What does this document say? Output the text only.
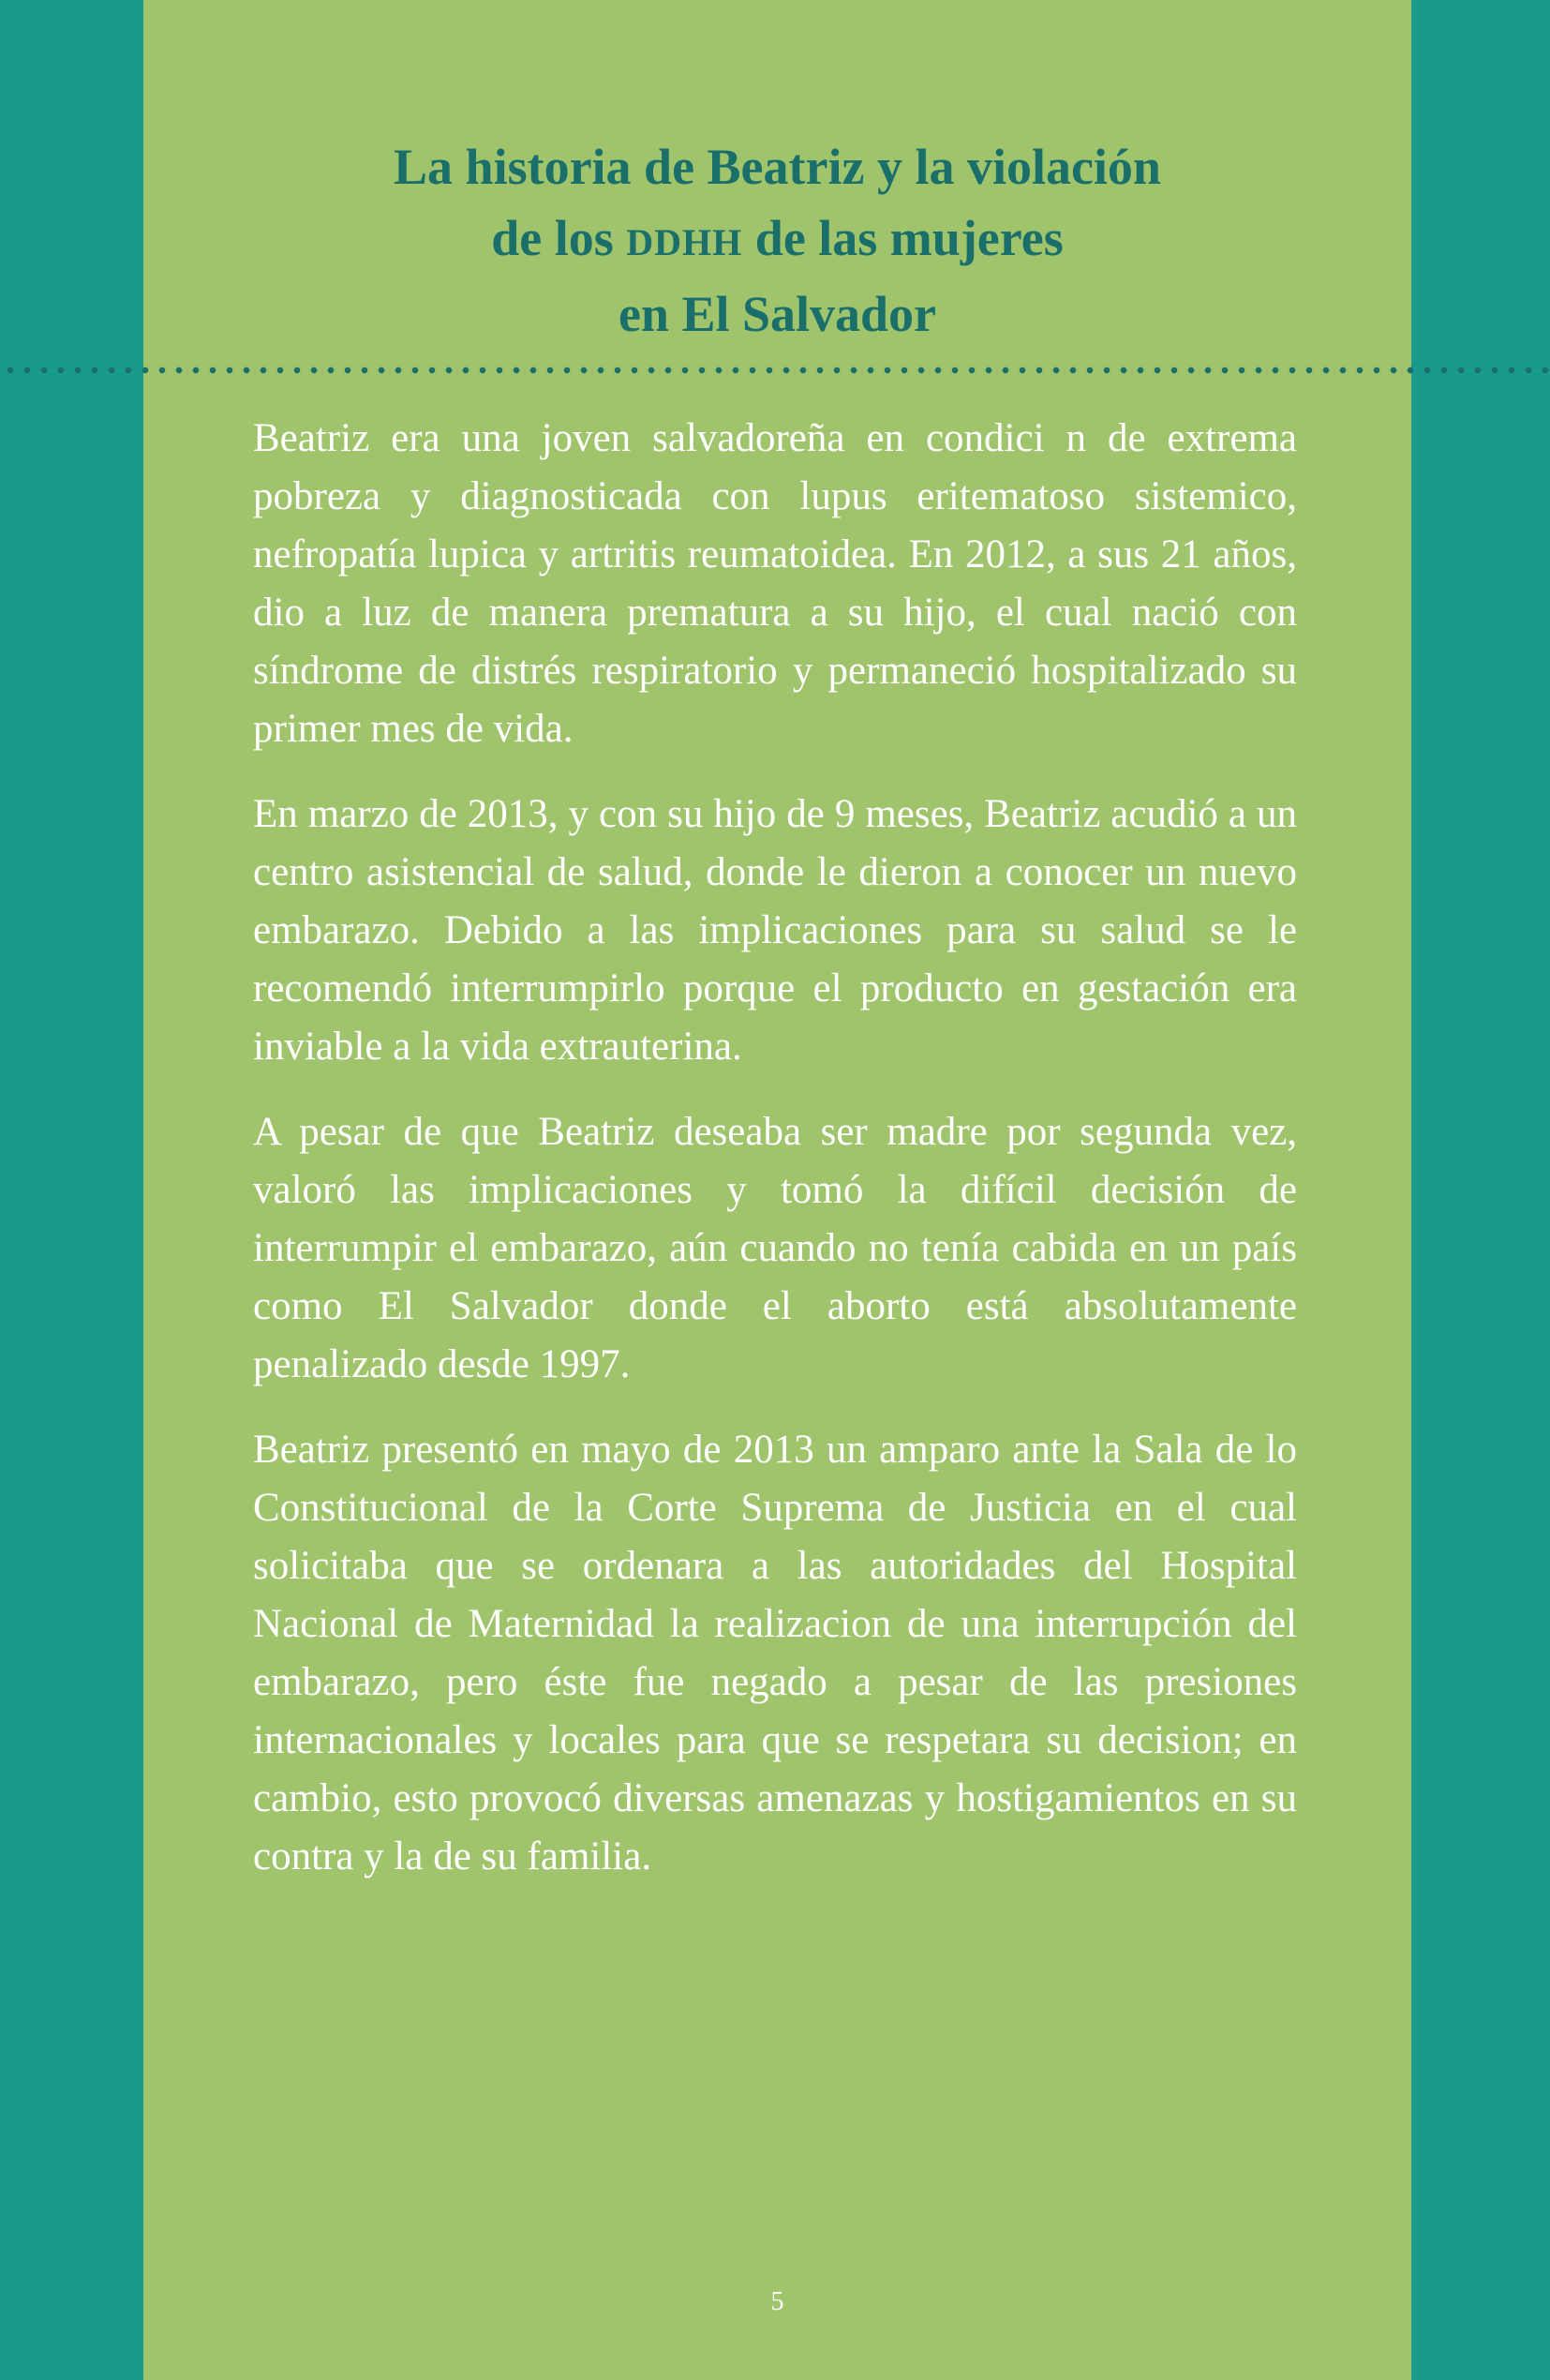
La historia de Beatriz y la violación
de los DDHH de las mujeres
en El Salvador

Beatriz era una joven salvadoreña en condici n de extrema pobreza y diagnosticada con lupus eritematoso sistemico, nefropatía lupica y artritis reumatoidea. En 2012, a sus 21 años, dio a luz de manera prematura a su hijo, el cual nació con síndrome de distrés respiratorio y permaneció hospitalizado su primer mes de vida.

En marzo de 2013, y con su hijo de 9 meses, Beatriz acudió a un centro asistencial de salud, donde le dieron a conocer un nuevo embarazo. Debido a las implicaciones para su salud se le recomendó interrumpirlo porque el producto en gestación era inviable a la vida extrauterina.

A pesar de que Beatriz deseaba ser madre por segunda vez, valoró las implicaciones y tomó la difícil decisión de interrumpir el embarazo, aún cuando no tenía cabida en un país como El Salvador donde el aborto está absolutamente penalizado desde 1997.

Beatriz presentó en mayo de 2013 un amparo ante la Sala de lo Constitucional de la Corte Suprema de Justicia en el cual solicitaba que se ordenara a las autoridades del Hospital Nacional de Maternidad la realizacion de una interrupción del embarazo, pero éste fue negado a pesar de las presiones internacionales y locales para que se respetara su decision; en cambio, esto provocó diversas amenazas y hostigamientos en su contra y la de su familia.

5
